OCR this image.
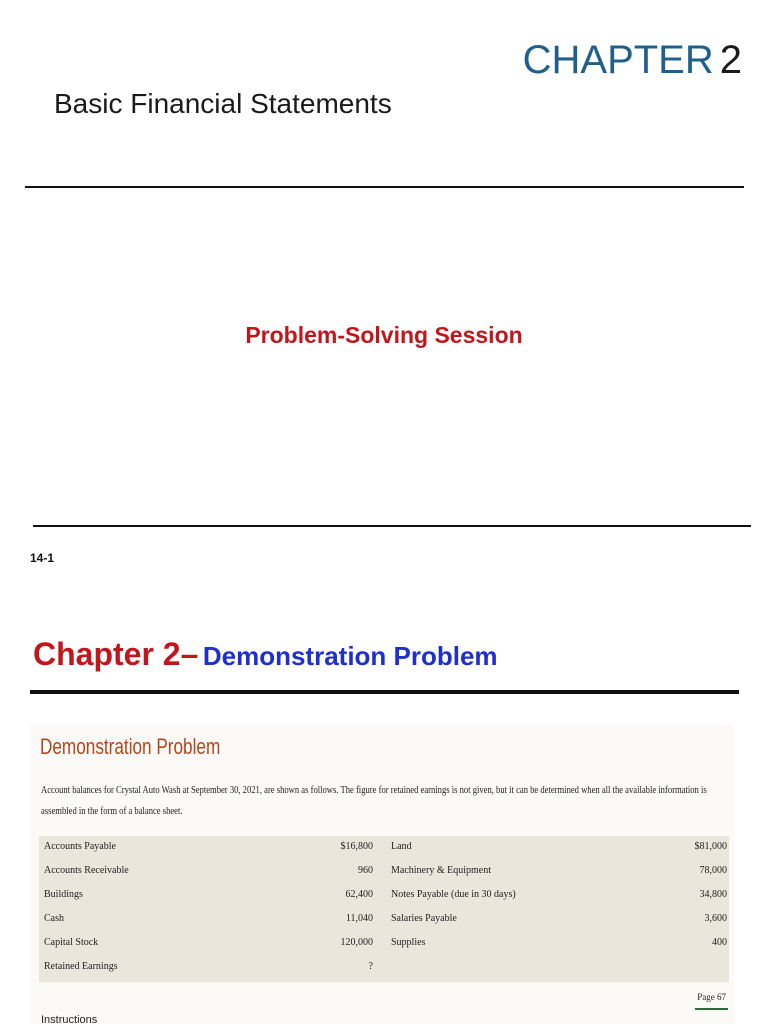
CHAPTER 2
Basic Financial Statements
Problem-Solving Session
14-1
Chapter 2– Demonstration Problem
Demonstration Problem
Account balances for Crystal Auto Wash at September 30, 2021, are shown as follows. The figure for retained earnings is not given, but it can be determined when all the available information is assembled in the form of a balance sheet.
Accounts Payable	$16,800 Land	$81,000
Accounts Receivable	960 Machinery & Equipment	78,000
Buildings	62,400 Notes Payable (due in 30 days)	34,800
Cash	11,040 Salaries Payable	3,600
Capital Stock	120,000 Supplies	400
Retained Earnings	?
Page 67
Instructions
